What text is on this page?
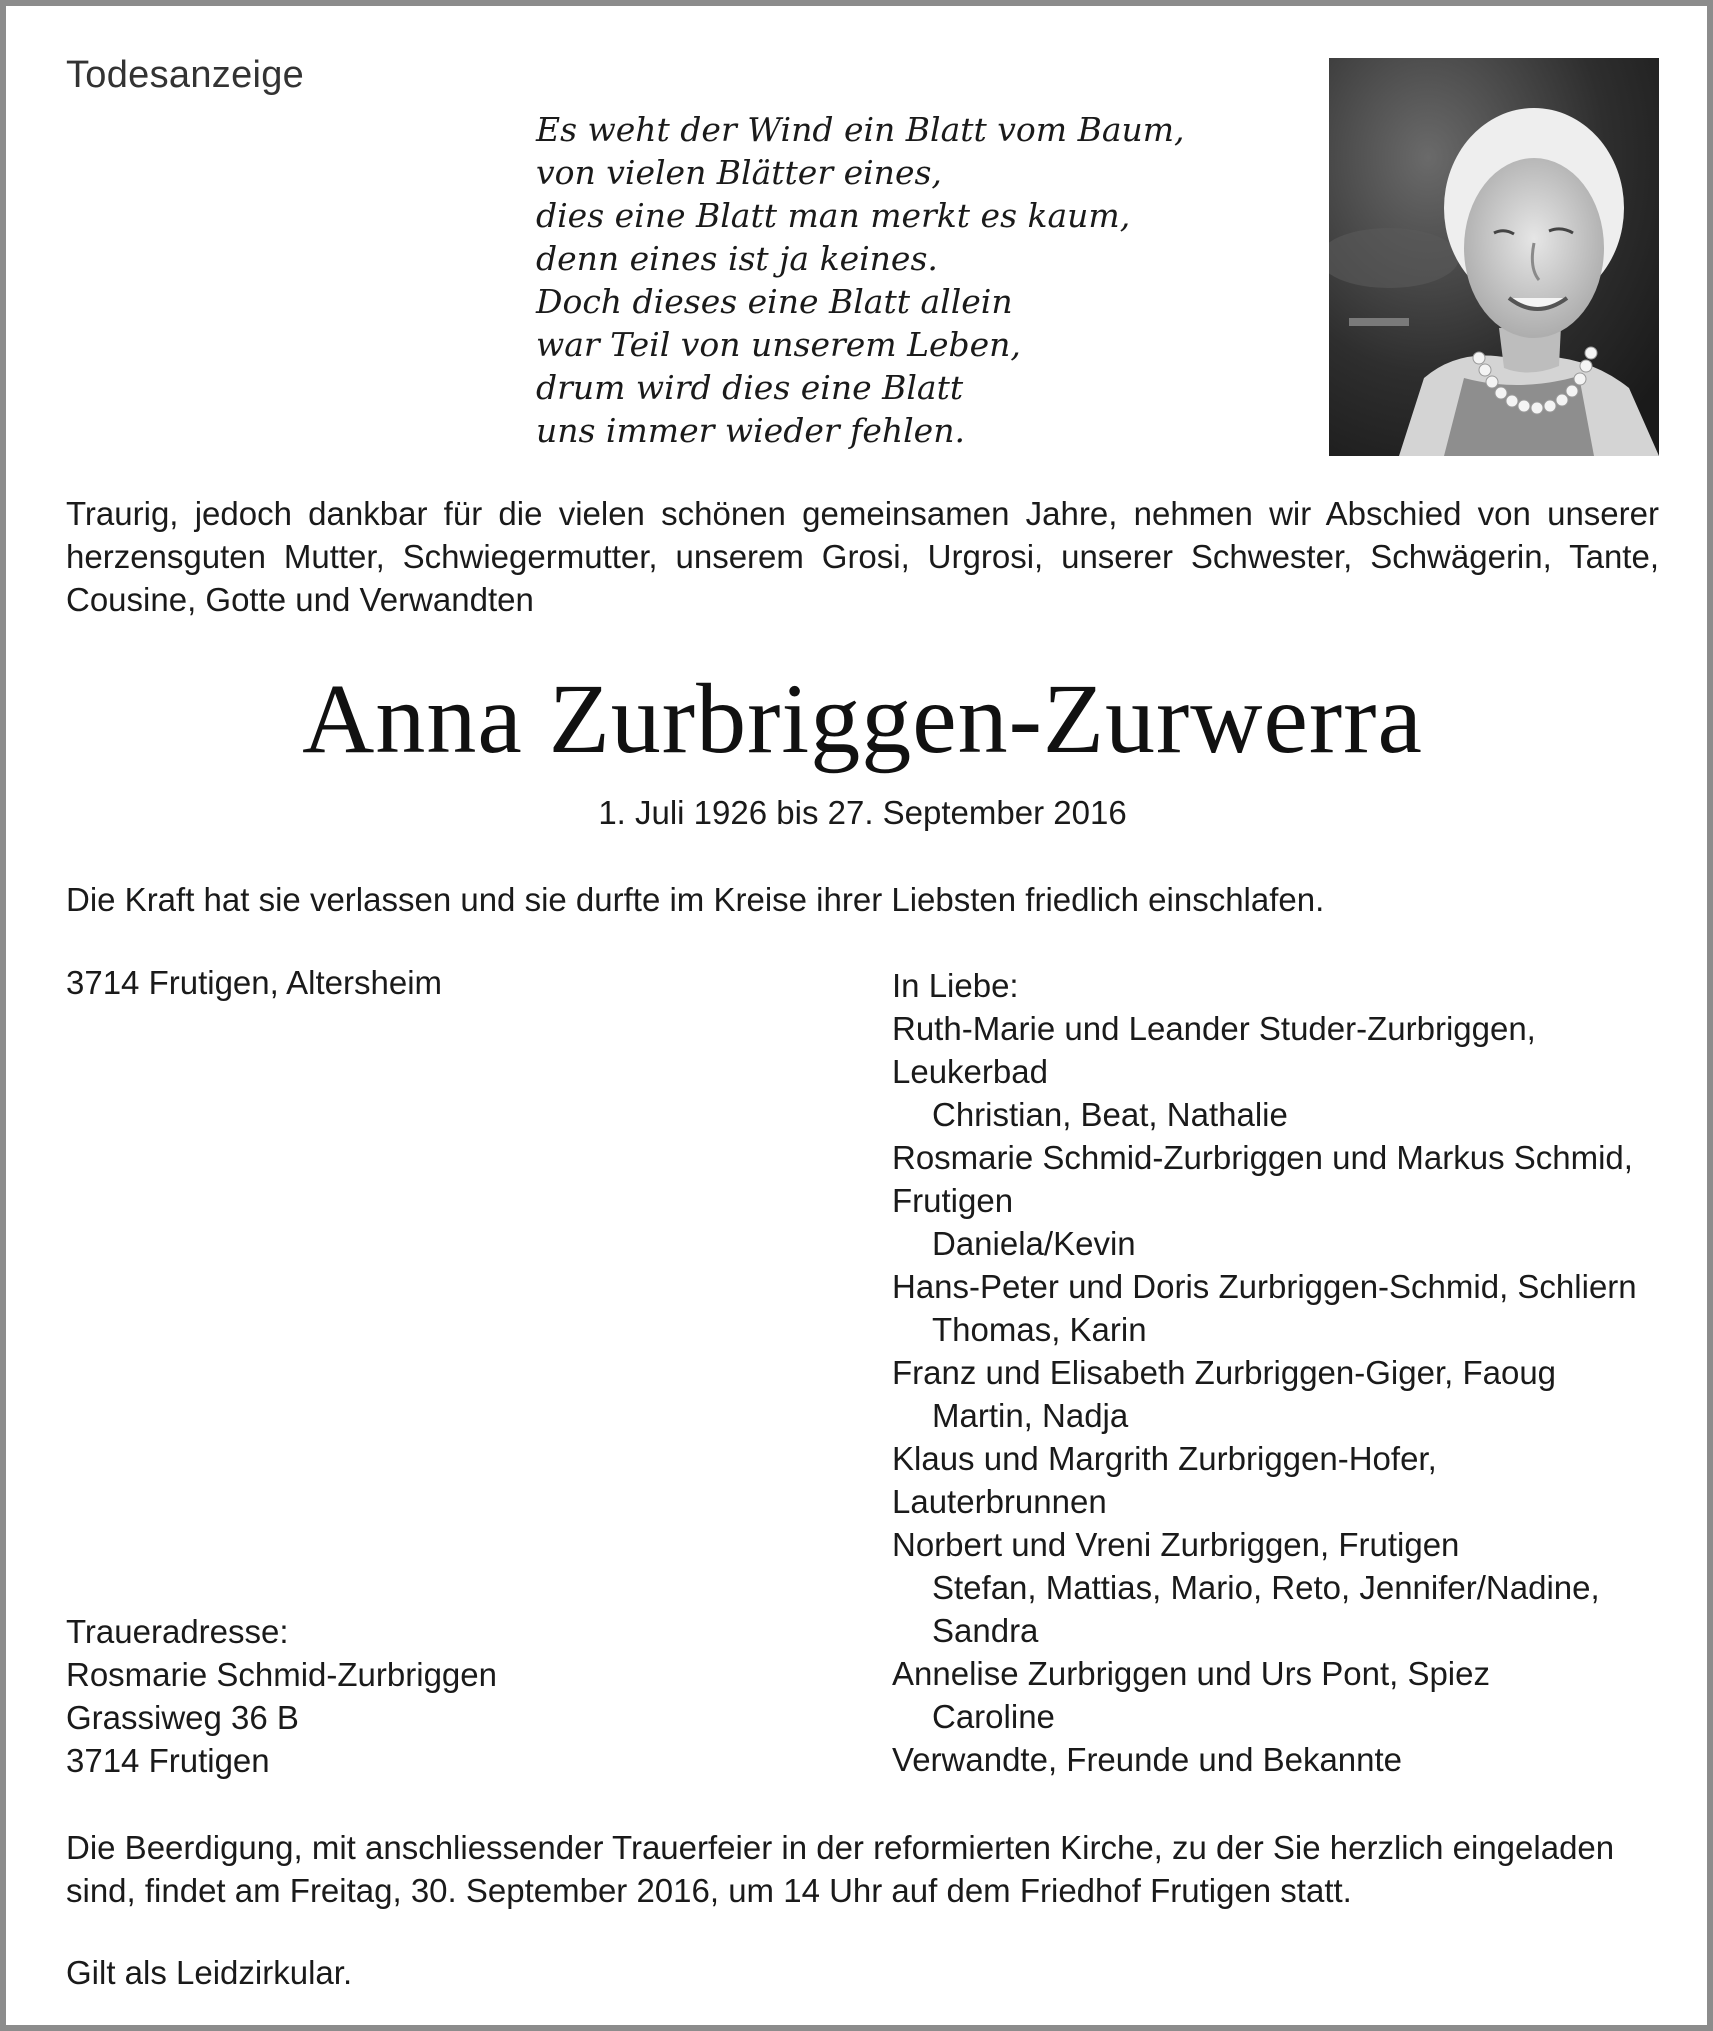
Todesanzeige
Es weht der Wind ein Blatt vom Baum,
von vielen Blätter eines,
dies eine Blatt man merkt es kaum,
denn eines ist ja keines.
Doch dieses eine Blatt allein
war Teil von unserem Leben,
drum wird dies eine Blatt
uns immer wieder fehlen.
Traurig, jedoch dankbar für die vielen schönen gemeinsamen Jahre, nehmen wir Abschied von unserer herzensguten Mutter, Schwiegermutter, unserem Grosi, Urgrosi, unserer Schwester, Schwägerin, Tante, Cousine, Gotte und Verwandten
Anna Zurbriggen-Zurwerra
1. Juli 1926 bis 27. September 2016
Die Kraft hat sie verlassen und sie durfte im Kreise ihrer Liebsten friedlich einschlafen.
3714 Frutigen, Altersheim	In Liebe:
Ruth-Marie und Leander Studer-Zurbriggen,
Leukerbad
Christian, Beat, Nathalie
Rosmarie Schmid-Zurbriggen und Markus Schmid,
Frutigen
Daniela/Kevin
Hans-Peter und Doris Zurbriggen-Schmid, Schliern
Thomas, Karin
Franz und Elisabeth Zurbriggen-Giger, Faoug
Martin, Nadja
Klaus und Margrith Zurbriggen-Hofer,
Lauterbrunnen
Norbert und Vreni Zurbriggen, Frutigen
Stefan, Mattias, Mario, Reto, Jennifer/Nadine,
Sandra
Annelise Zurbriggen und Urs Pont, Spiez
Caroline
Verwandte, Freunde und Bekannte
Traueradresse:
Rosmarie Schmid-Zurbriggen
Grassiweg 36 B
3714 Frutigen
Die Beerdigung, mit anschliessender Trauerfeier in der reformierten Kirche, zu der Sie herzlich eingeladen sind, findet am Freitag, 30. September 2016, um 14 Uhr auf dem Friedhof Frutigen statt.
Gilt als Leidzirkular.
